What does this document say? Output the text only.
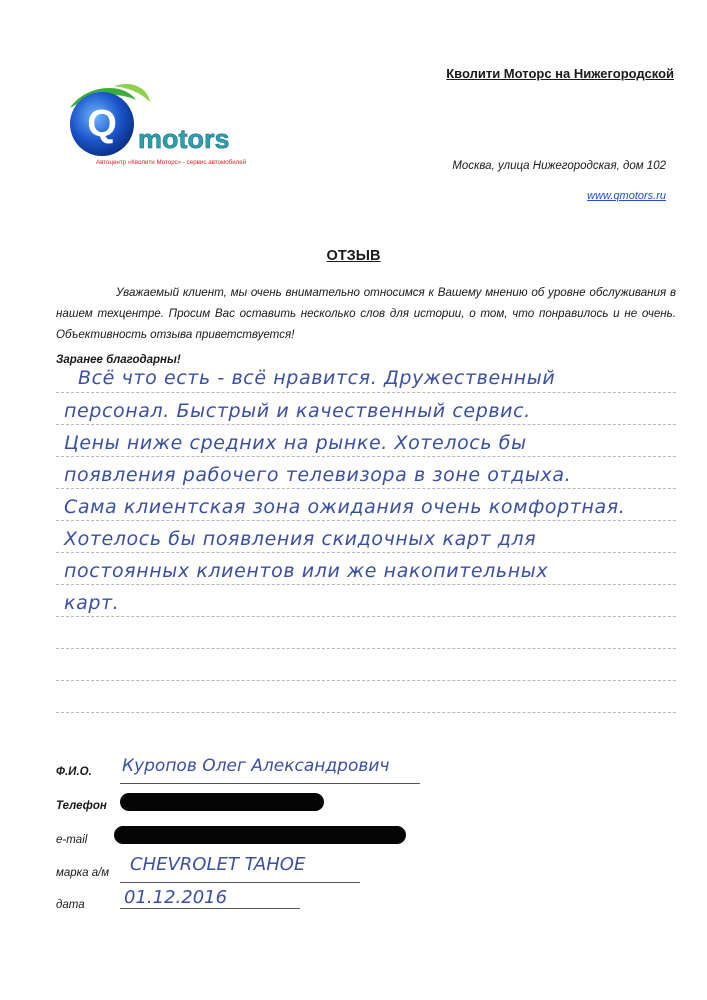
Q motors
Автоцентр «Кволити Моторс» - сервис автомобилей
Кволити Моторс на Нижегородской
Москва, улица Нижегородская, дом 102
www.qmotors.ru
ОТЗЫВ
Уважаемый клиент, мы очень внимательно относимся к Вашему мнению об уровне обслуживания в нашем техцентре. Просим Вас оставить несколько слов для истории, о том, что понравилось и не очень. Объективность отзыва приветствуется!
Заранее благодарны!
Всё что есть - всё нравится. Дружественный
персонал. Быстрый и качественный сервис.
Цены ниже средних на рынке. Хотелось бы
появления рабочего телевизора в зоне отдыха.
Сама клиентская зона ожидания очень комфортная.
Хотелось бы появления скидочных карт для
постоянных клиентов или же накопительных
карт.
Ф.И.О. Куропов Олег Александрович
Телефон
e-mail
марка а/м CHEVROLET TAHOE
дата 01.12.2016
